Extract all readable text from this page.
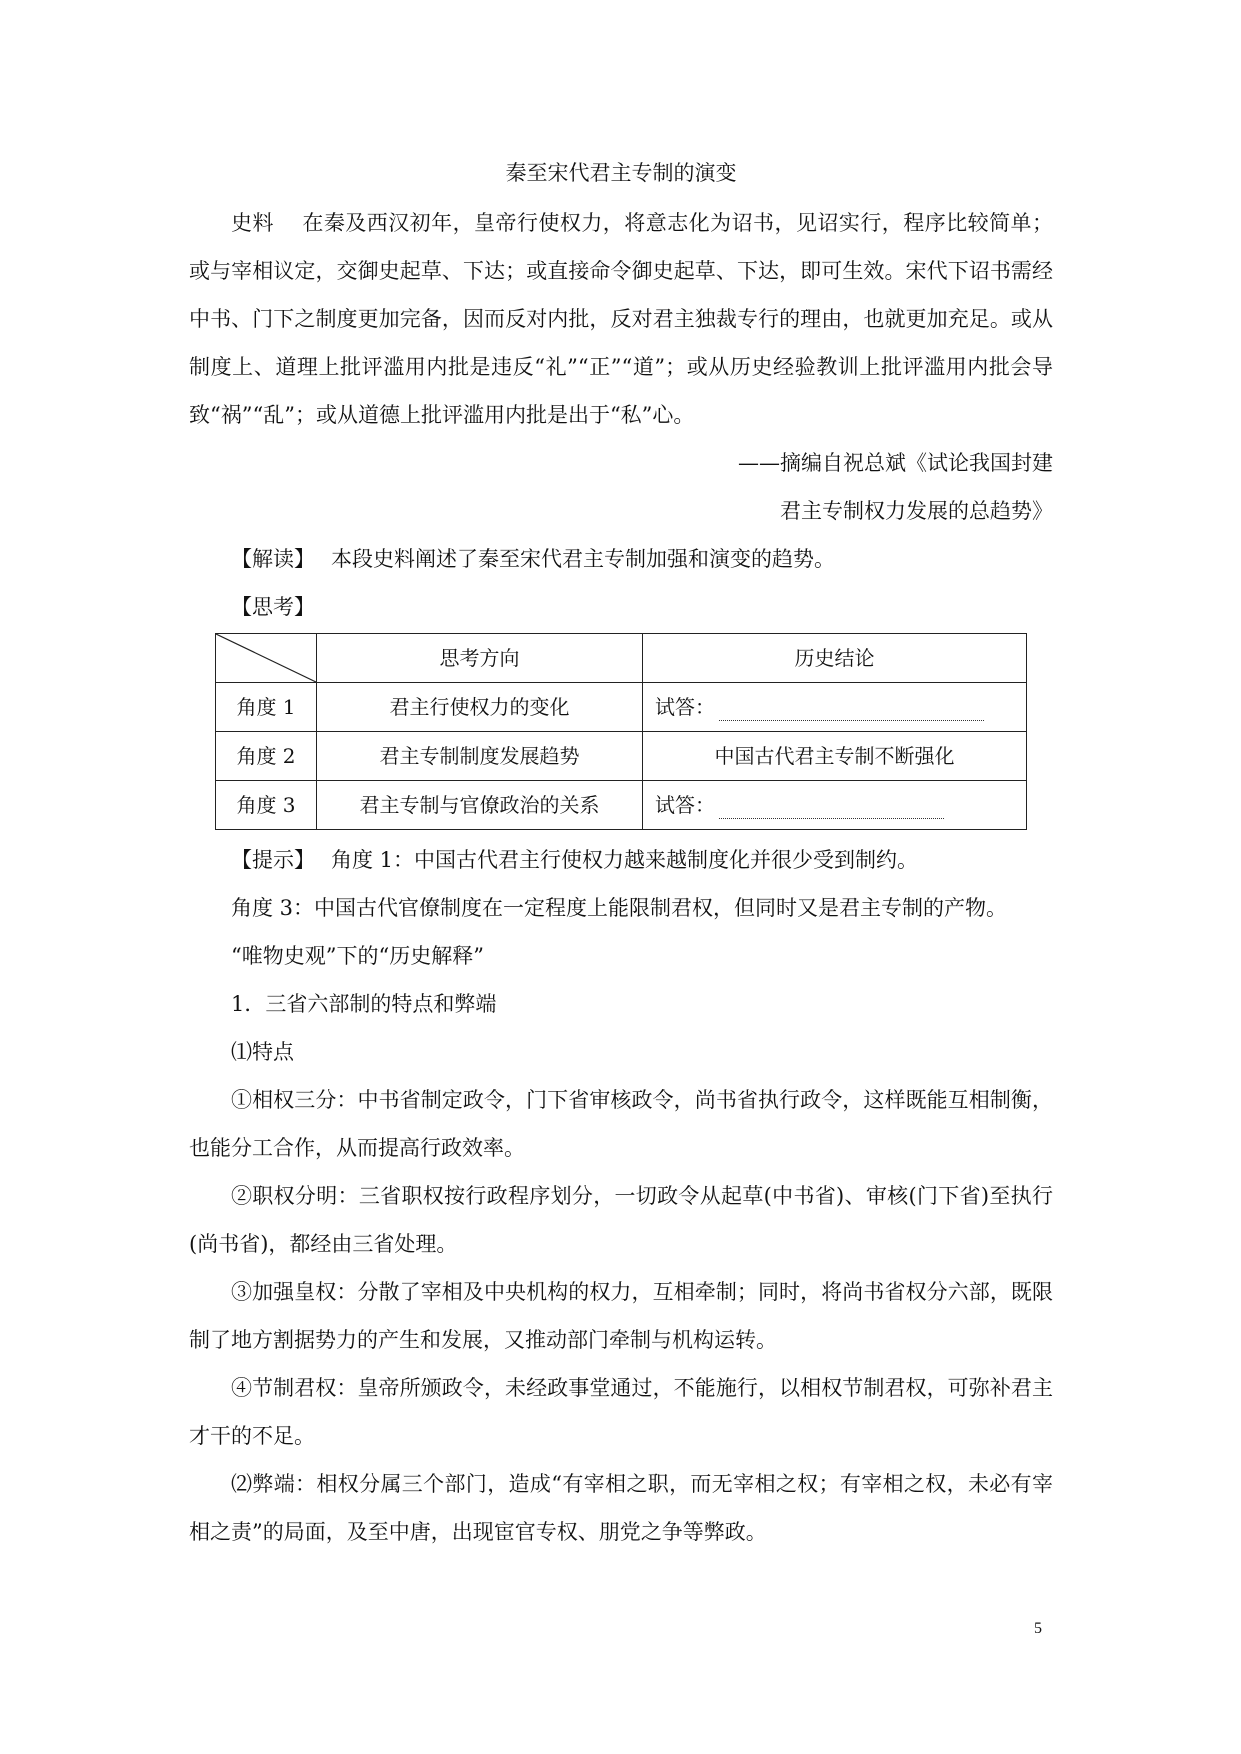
秦至宋代君主专制的演变

史料 在秦及西汉初年，皇帝行使权力，将意志化为诏书，见诏实行，程序比较简单；或与宰相议定，交御史起草、下达；或直接命令御史起草、下达，即可生效。宋代下诏书需经中书、门下之制度更加完备，因而反对内批，反对君主独裁专行的理由，也就更加充足。或从制度上、道理上批评滥用内批是违反“礼”“正”“道”；或从历史经验教训上批评滥用内批会导致“祸”“乱”；或从道德上批评滥用内批是出于“私”心。

——摘编自祝总斌《试论我国封建

君主专制权力发展的总趋势》

【解读】 本段史料阐述了秦至宋代君主专制加强和演变的趋势。

【思考】

	思考方向	历史结论
角度 1	君主行使权力的变化	试答：
角度 2	君主专制制度发展趋势	中国古代君主专制不断强化
角度 3	君主专制与官僚政治的关系	试答：

【提示】 角度 1：中国古代君主行使权力越来越制度化并很少受到制约。

角度 3：中国古代官僚制度在一定程度上能限制君权，但同时又是君主专制的产物。

“唯物史观”下的“历史解释”

1．三省六部制的特点和弊端

⑴特点

①相权三分：中书省制定政令，门下省审核政令，尚书省执行政令，这样既能互相制衡，也能分工合作，从而提高行政效率。

②职权分明：三省职权按行政程序划分，一切政令从起草(中书省)、审核(门下省)至执行(尚书省)，都经由三省处理。

③加强皇权：分散了宰相及中央机构的权力，互相牵制；同时，将尚书省权分六部，既限制了地方割据势力的产生和发展，又推动部门牵制与机构运转。

④节制君权：皇帝所颁政令，未经政事堂通过，不能施行，以相权节制君权，可弥补君主才干的不足。

⑵弊端：相权分属三个部门，造成“有宰相之职，而无宰相之权；有宰相之权，未必有宰相之责”的局面，及至中唐，出现宦官专权、朋党之争等弊政。

5
